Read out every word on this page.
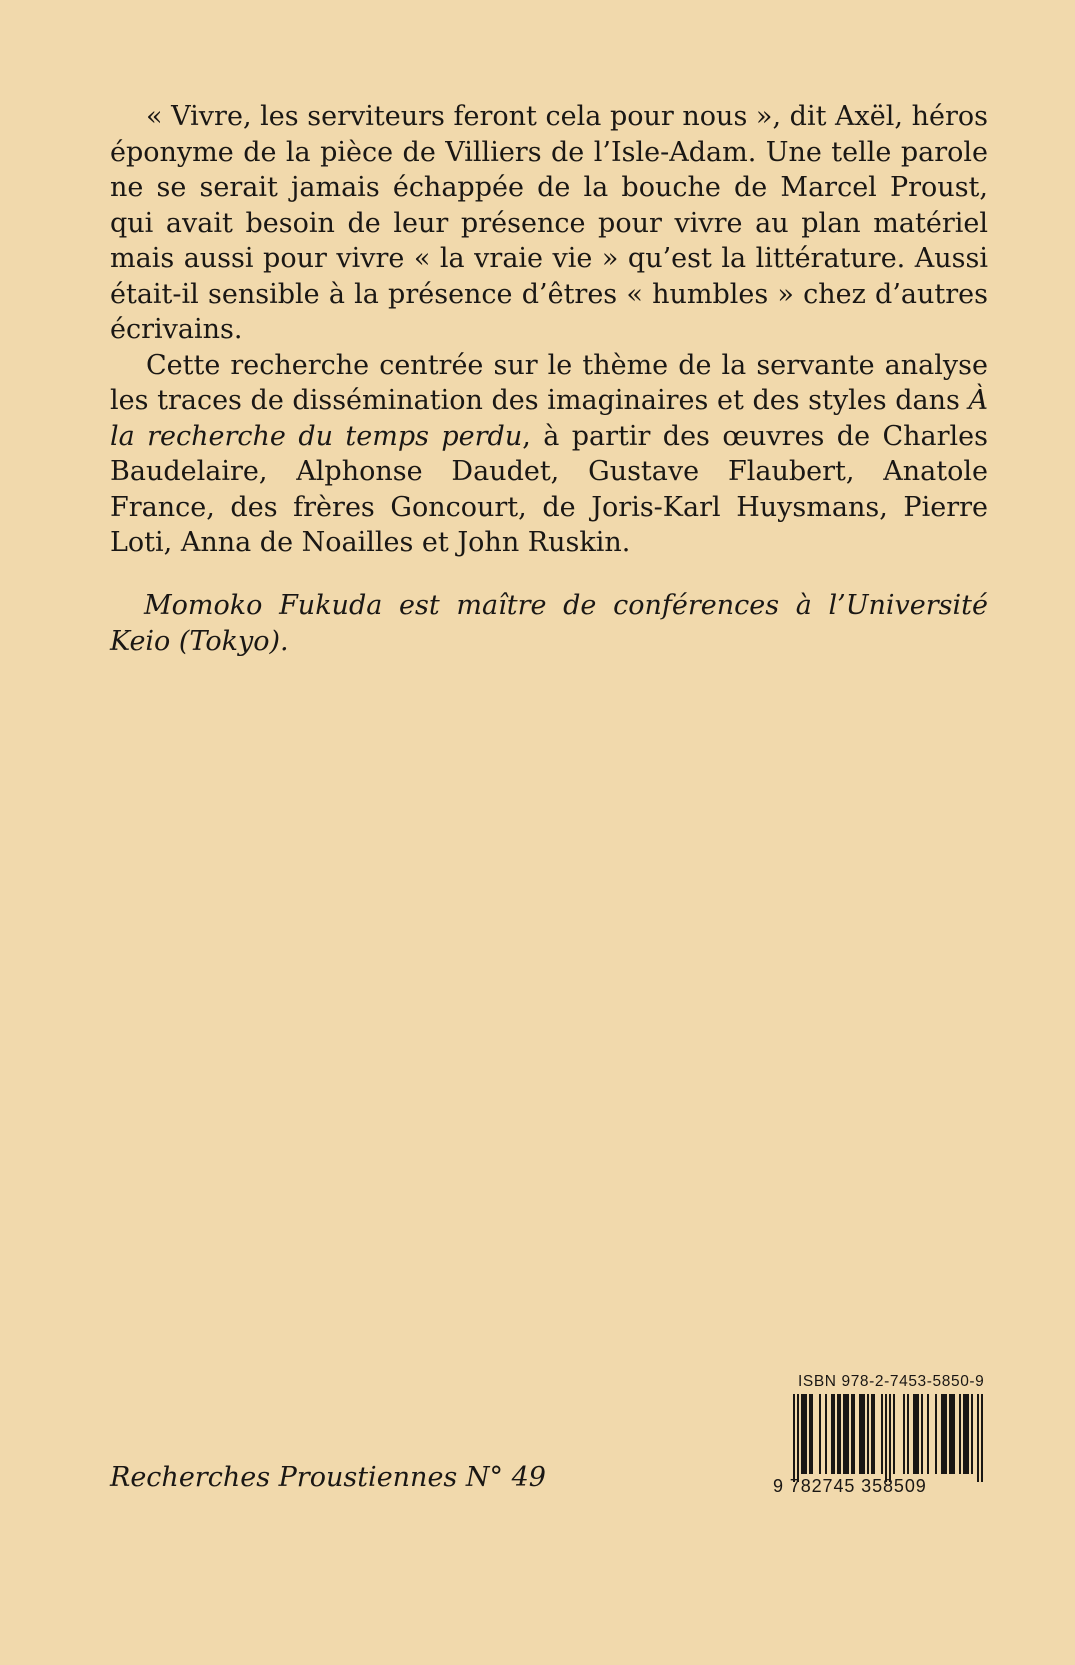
« Vivre, les serviteurs feront cela pour nous », dit Axël, héros éponyme de la pièce de Villiers de l’Isle-Adam. Une telle parole ne se serait jamais échappée de la bouche de Marcel Proust, qui avait besoin de leur présence pour vivre au plan matériel mais aussi pour vivre « la vraie vie » qu’est la littérature. Aussi était-il sensible à la présence d’êtres « humbles » chez d’autres écrivains.

Cette recherche centrée sur le thème de la servante analyse les traces de dissémination des imaginaires et des styles dans À la recherche du temps perdu, à partir des œuvres de Charles Baudelaire, Alphonse Daudet, Gustave Flaubert, Anatole France, des frères Goncourt, de Joris-Karl Huysmans, Pierre Loti, Anna de Noailles et John Ruskin.

Momoko Fukuda est maître de conférences à l’Université Keio (Tokyo).

Recherches Proustiennes N° 49
ISBN 978-2-7453-5850-9
9 782745 358509
